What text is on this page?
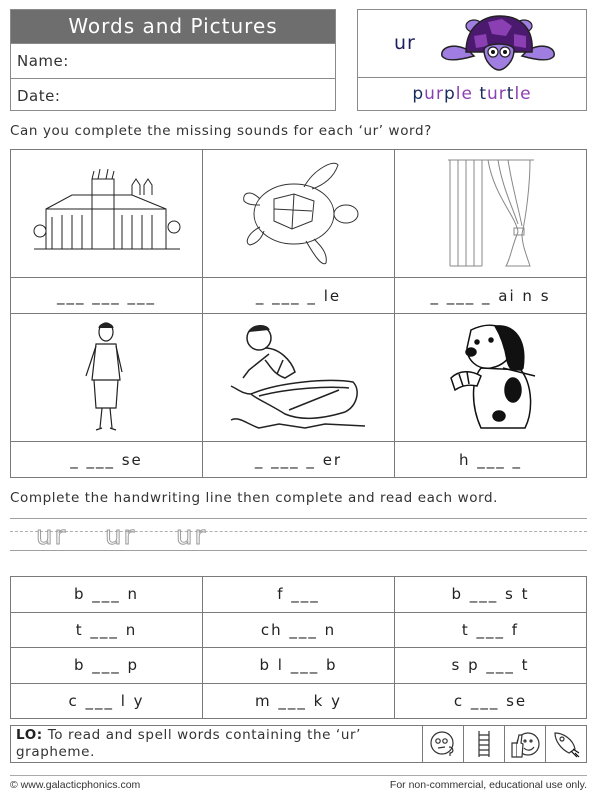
Words and Pictures
Name:
Date:
ur
purple turtle
Can you complete the missing sounds for each ‘ur’ word?
___ ___ ___	_ ___ _ le	_ ___ _ ai n s
_ ___ se	_ ___ _ er	h ___ _
Complete the handwriting line then complete and read each word.
ur ur ur
b ___ n	f ___	b ___ s t
t ___ n	ch ___ n	t ___ f
b ___ p	b l ___ b	s p ___ t
c ___ l y	m ___ k y	c ___ se
LO: To read and spell words containing the ‘ur’ grapheme.
© www.galacticphonics.com	For non-commercial, educational use only.
